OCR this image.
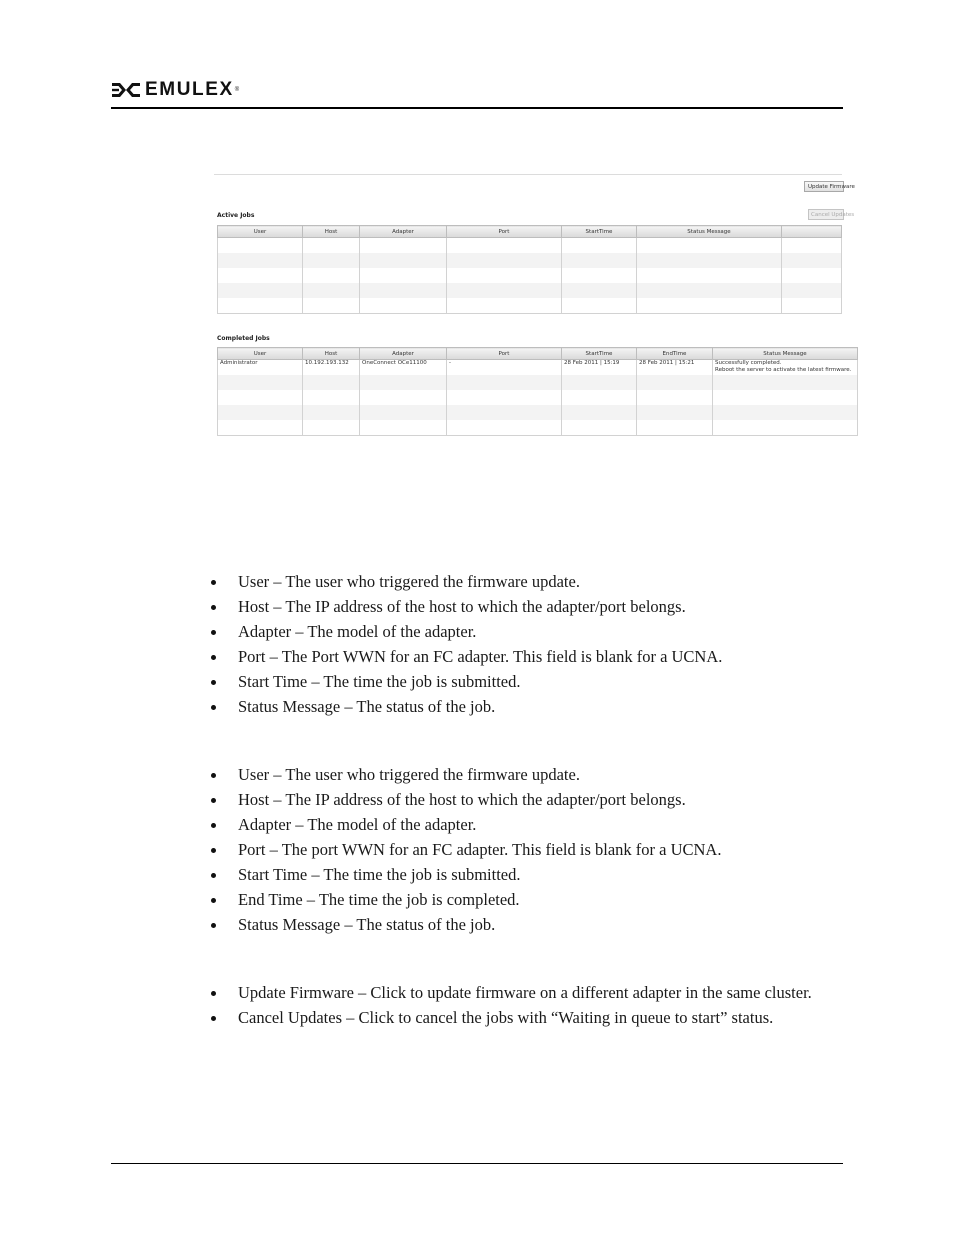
EMULEX ®
Update Firmware
Cancel Updates
Active Jobs
User	Host	Adapter	Port	StartTime	Status Message	

Completed Jobs
User	Host	Adapter	Port	StartTime	EndTime	Status Message
Administrator	10.192.193.132	OneConnect OCe11100	-	28 Feb 2011 | 15:19	28 Feb 2011 | 15:21	Successfully completed.
Reboot the server to activate the latest firmware.

User – The user who triggered the firmware update.
Host – The IP address of the host to which the adapter/port belongs.
Adapter – The model of the adapter.
Port – The Port WWN for an FC adapter. This field is blank for a UCNA.
Start Time – The time the job is submitted.
Status Message – The status of the job.
User – The user who triggered the firmware update.
Host – The IP address of the host to which the adapter/port belongs.
Adapter – The model of the adapter.
Port – The port WWN for an FC adapter. This field is blank for a UCNA.
Start Time – The time the job is submitted.
End Time – The time the job is completed.
Status Message – The status of the job.
Update Firmware – Click to update firmware on a different adapter in the same cluster.
Cancel Updates – Click to cancel the jobs with “Waiting in queue to start” status.
